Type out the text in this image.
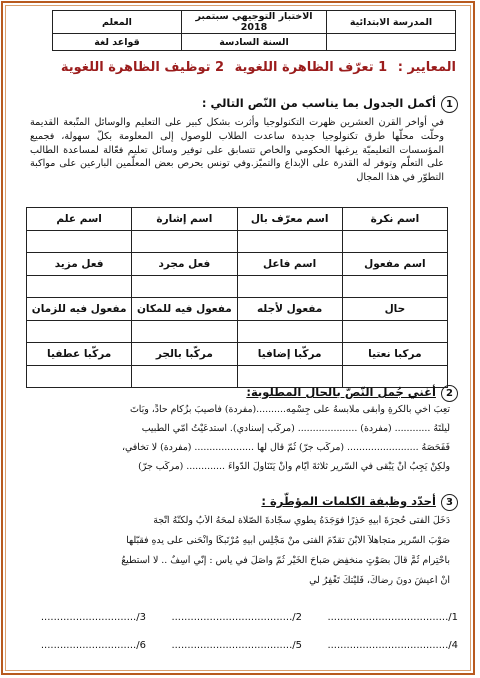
المدرسة الابتدائية	الاختبار التوجيهي سبتمبر 2018	المعلم
	السنة السادسة	قواعد لغة
المعايير : 1 تعرّف الظاهرة اللغوية 2 توظيف الظاهرة اللغوية
1 أكمل الجدول بما يناسب من النّص التالي :
في أواخر القرن العشرين ظهرت التكنولوجيا وأثرت بشكل كبير على التعليم والوسائل المتّبعة القديمة وحلّت محلّها طرق تكنولوجيا جديدة ساعدت الطلاب للوصول إلى المعلومة بكلّ سهولة، فجميع المؤسسات التعليميّة يرغبها الحكومي والخاص تتسابق على توفير وسائل تعليم فعّالة لمساعدة الطالب على التعلّم وتوفر له القدرة على الإبداع والتميّز.وفي تونس يحرص بعض المعلّمين البارعين على مواكبة التطوّر في هذا المجال
اسم نكرة	اسم معرّف بال	اسم إشارة	اسم علم

اسم مفعول	اسم فاعل	فعل مجرد	فعل مزيد

حال	مفعول لأجله	مفعول فيه للمكان	مفعول فيه للزمان

مركبا نعتيا	مركّبا إضافيا	مركّبا بالجر	مركّبا عطفيا

2 أغني جُمل النّصّ بالحال المطلوبة:
تعِبَ أخي بالكرةِ وأبقى ملابسهُ على جِسْمِه..........(مفردة) فأصيبَ بزُكام حادٍّ، وبَاتَ
لَيلَتَهُ ............ (مفردة) .................... (مركّب إسنادي). استدعَيْتُ أمّي الطّبيب
فَفَحَصَهُ ........................ (مركّب جرّ) ثُمّ قال لها .................... (مفردة) لا تخافي،
ولكِنْ يَجِبُ أنْ يَبْقى في السّرير ثلاثةَ أيّامٍ وأنْ يَتَنَاولَ الدّواءَ ............. (مركّب جرّ)
3 أحدّد وظيفة الكلمات المؤطّرة :
دَخَلَ الفتى حُجرَةَ أبيهِ حَذِرًا فوَجَدَهُ يطوي سجّادةَ الصّلاة لمحَهُ الأبُ ولكنّهُ اتّجهَ
صَوْبَ السّرير متجاهلاً الابْنَ تقدّمَ الفتى منْ مَجْلِسِ أبيهِ مُرْتَبكًا وانْحَنى على يدهِ فقبّلها
باحْتِرامٍ ثُمَّ قالَ بصَوْتٍ منخفِضٍ صَباحَ الخَيْرِ ثُمّ واصَلَ في يأْسٍ : إنّي آسِفٌ .. لا أستطيعُ
أنْ أعيشَ دونَ رِضاكَ، فَليْتكَ تَغْفِرُ لي
1/......................................
2/......................................
3/..............................
4/......................................
5/......................................
6/..............................
